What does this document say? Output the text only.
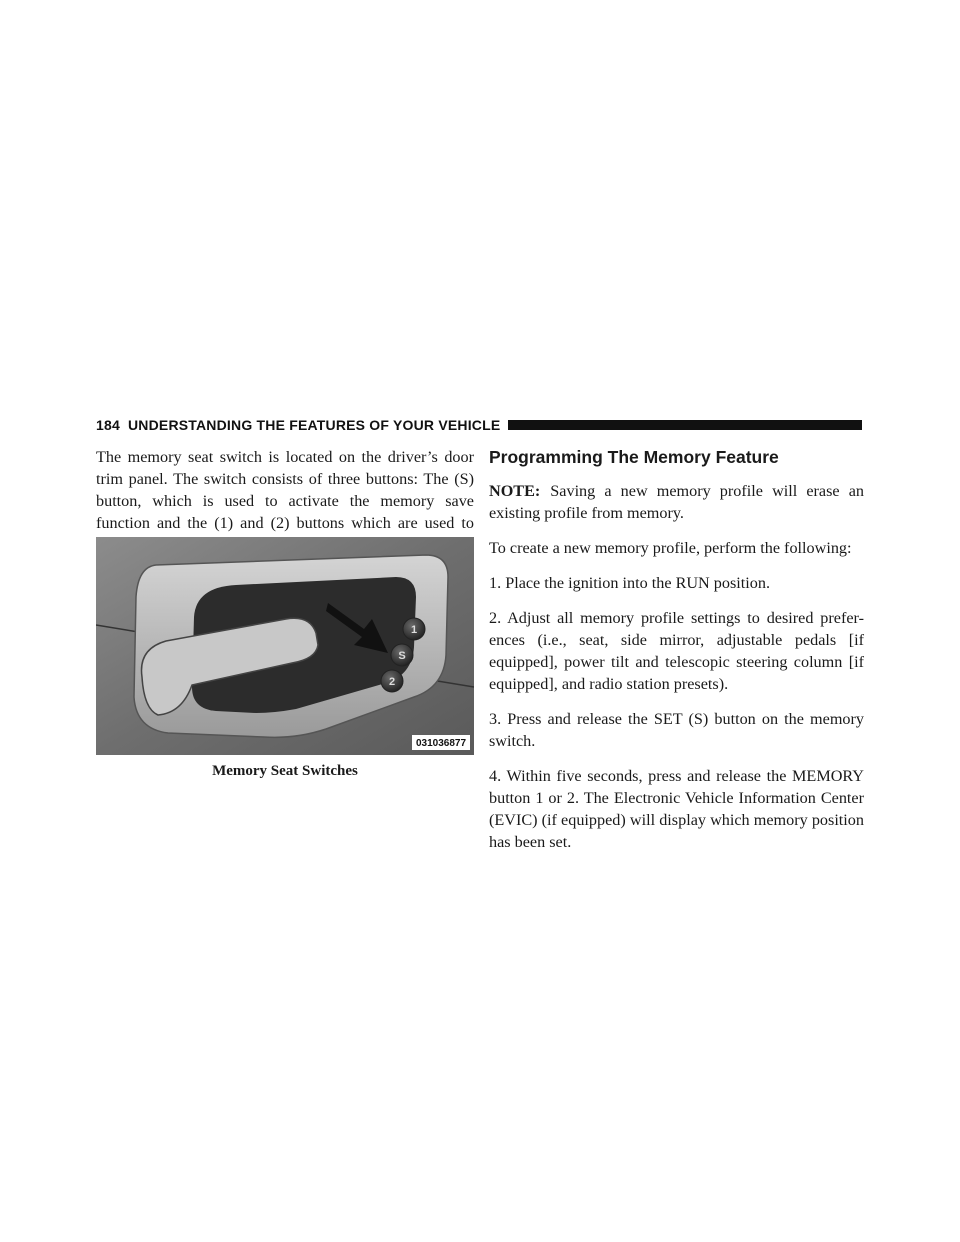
184 UNDERSTANDING THE FEATURES OF YOUR VEHICLE

The memory seat switch is located on the driver’s door trim panel. The switch consists of three buttons: The (S) button, which is used to activate the memory save function and the (1) and (2) buttons which are used to

1
S
2
031036877
Memory Seat Switches
Programming The Memory Feature

NOTE: Saving a new memory profile will erase an existing profile from memory.

To create a new memory profile, perform the following:

1. Place the ignition into the RUN position.

2. Adjust all memory profile settings to desired prefer- ences (i.e., seat, side mirror, adjustable pedals [if equipped], power tilt and telescopic steering column [if equipped], and radio station presets).

3. Press and release the SET (S) button on the memory switch.

4. Within five seconds, press and release the MEMORY button 1 or 2. The Electronic Vehicle Information Center (EVIC) (if equipped) will display which memory position has been set.
